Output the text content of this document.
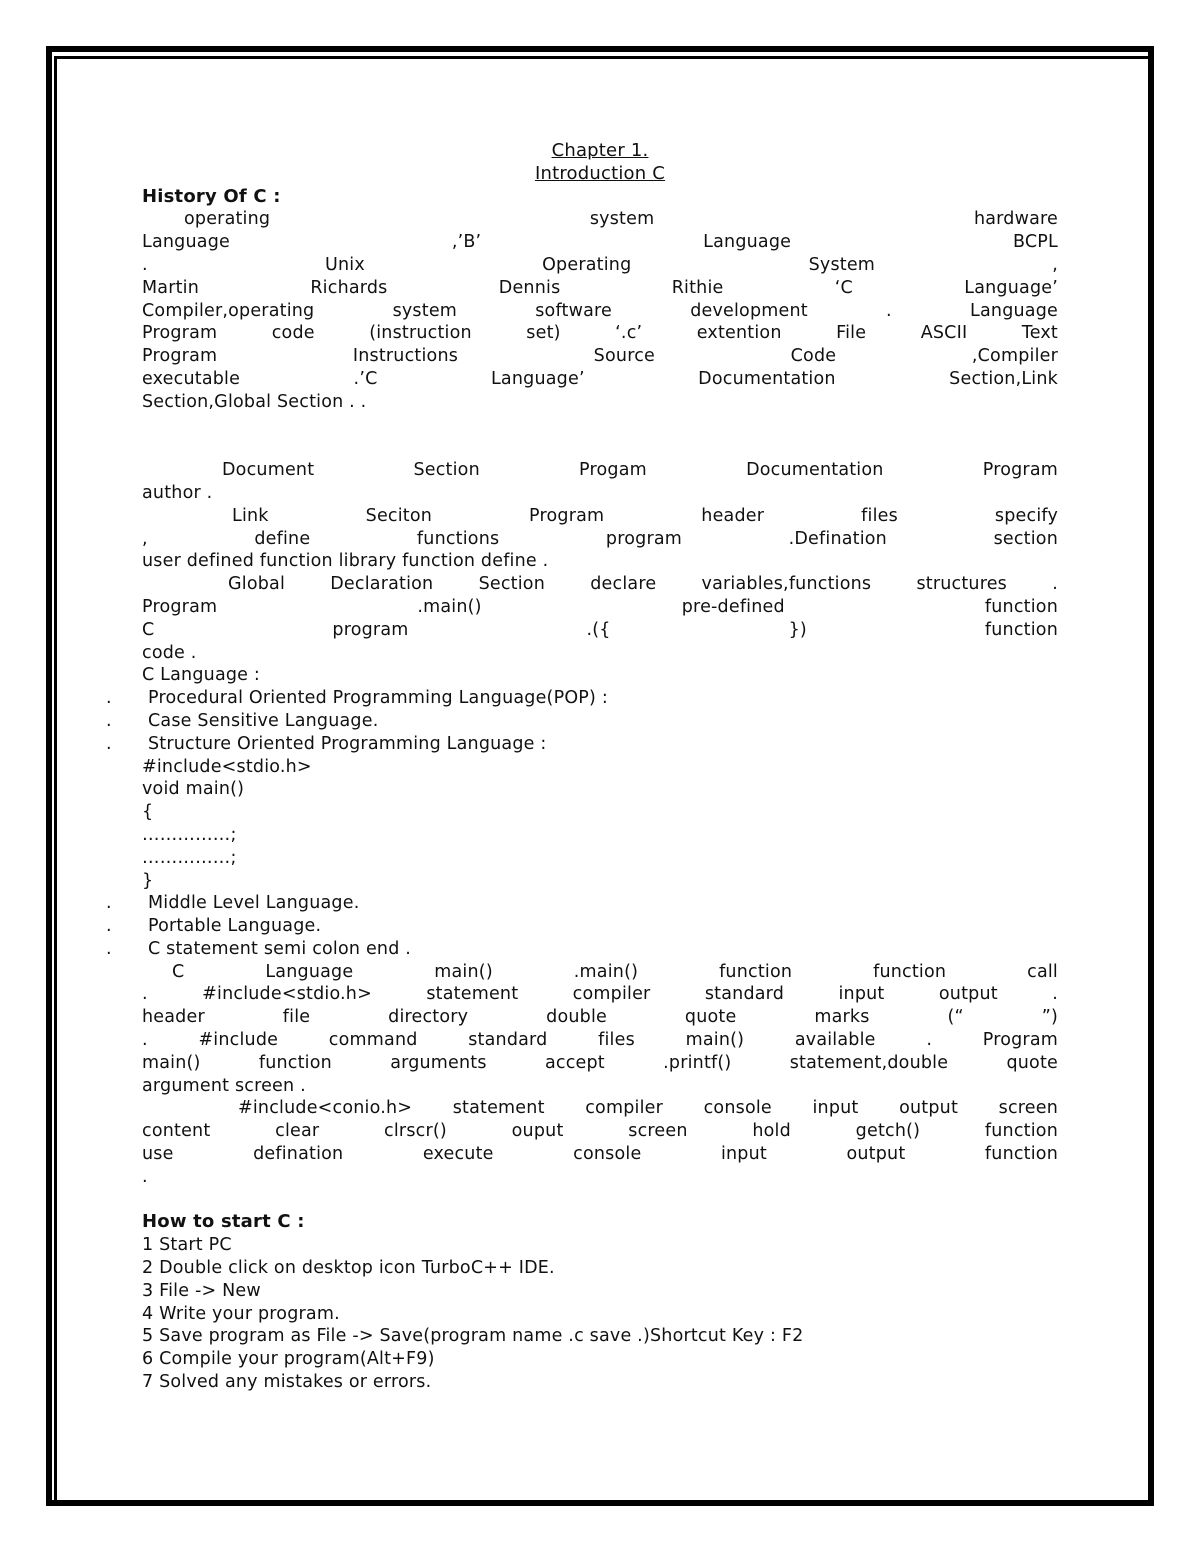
Chapter 1.

Introduction C

History Of C :

operating system hardware

Language ,’B’ Language BCPL

. Unix Operating System ,

Martin Richards Dennis Rithie ‘C Language’

Compiler,operating system software development . Language

Program code (instruction set) ‘.c’ extention File ASCII Text

Program Instructions Source Code ,Compiler

executable .’C Language’ Documentation Section,Link

Section,Global Section . .

Document Section Progam Documentation Program

author .

Link Seciton Program header files specify

, define functions program .Defination section

user defined function library function define .

Global Declaration Section declare variables,functions structures .

Program .main() pre-defined function

C program .({ }) function

code .

C Language :

. Procedural Oriented Programming Language(POP) :

. Case Sensitive Language.

. Structure Oriented Programming Language :

#include<stdio.h>

void main()

{

……………;

……………;

}

. Middle Level Language.

. Portable Language.

. C statement semi colon end .

C Language main() .main() function function call

. #include<stdio.h> statement compiler standard input output .

header file directory double quote marks (“ ”)

. #include command standard files main() available . Program

main() function arguments accept .printf() statement,double quote

argument screen .

#include<conio.h> statement compiler console input output screen

content clear clrscr() ouput screen hold getch() function

use defination execute console input output function

.

How to start C :

1 Start PC

2 Double click on desktop icon TurboC++ IDE.

3 File -> New

4 Write your program.

5 Save program as File -> Save(program name .c save .)Shortcut Key : F2

6 Compile your program(Alt+F9)

7 Solved any mistakes or errors.
